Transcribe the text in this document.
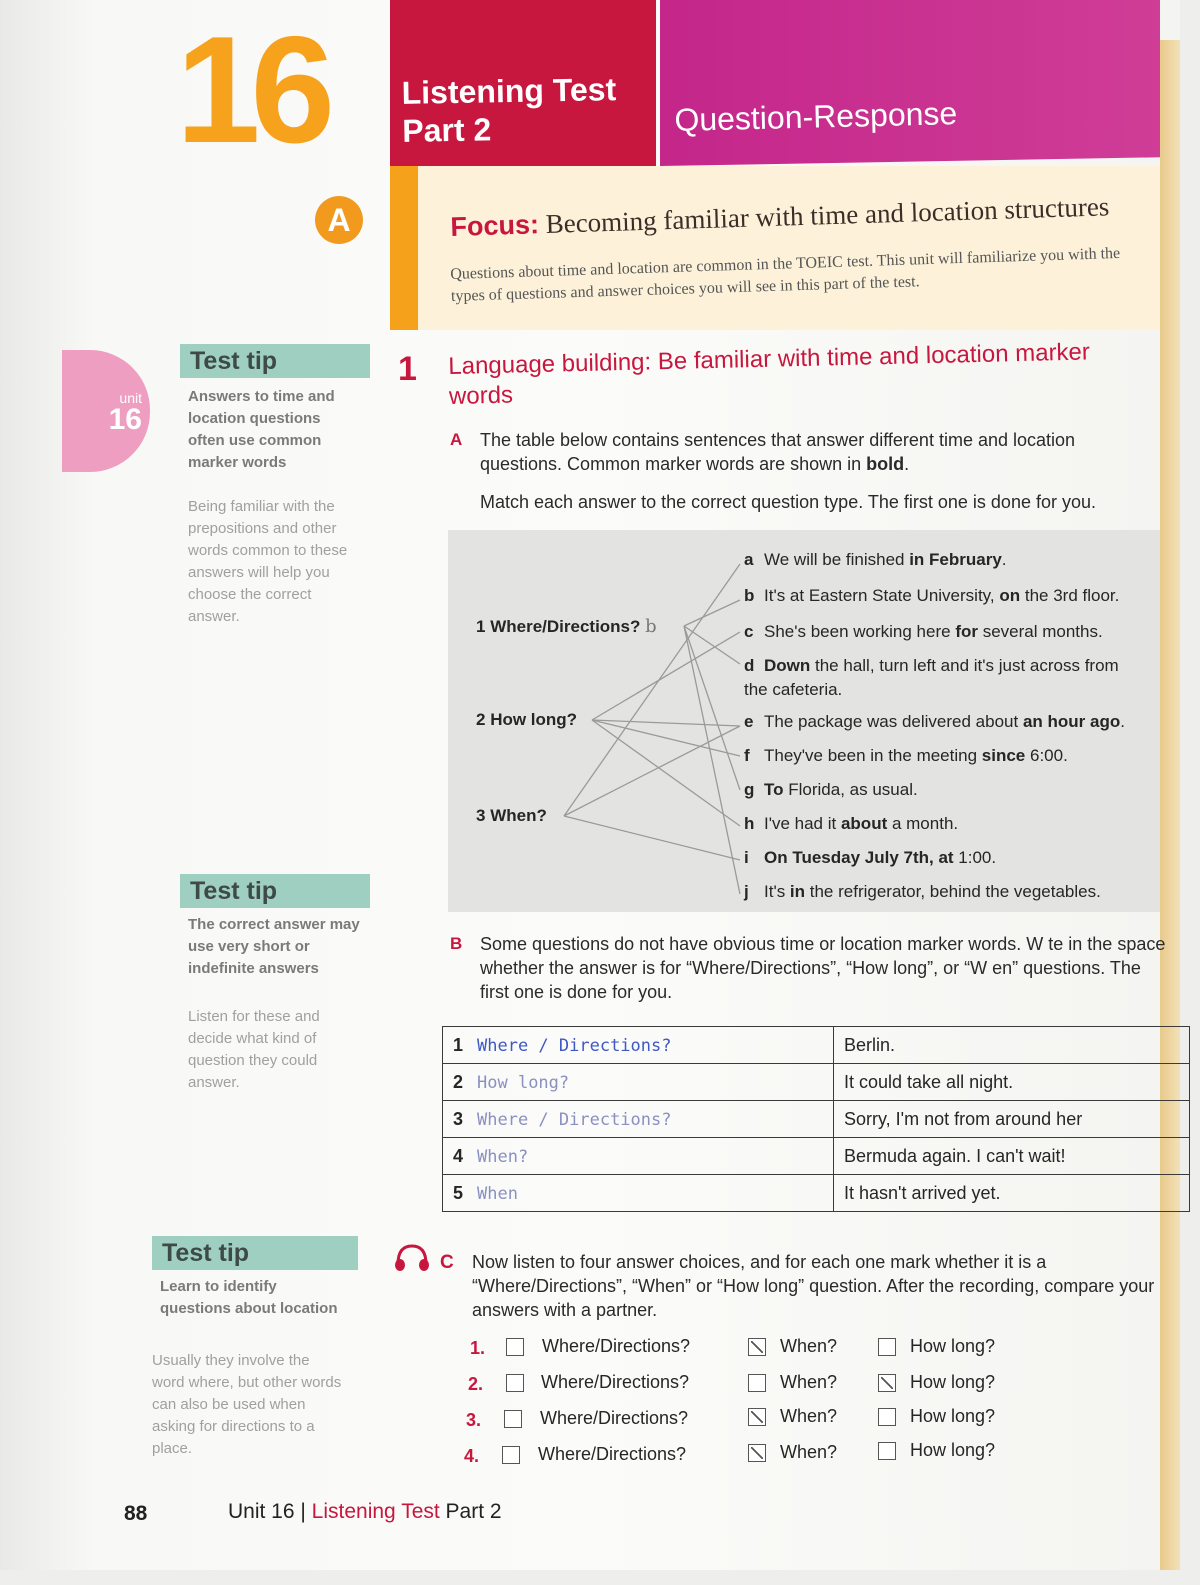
16 Listening Test
Part 2	Question-Response
A	Focus: Becoming familiar with time and location structures
Questions about time and location are common in the TOEIC test. This unit will familiarize you with the types of questions and answer choices you will see in this part of the test.
unit
16
Test tip
Answers to time and location questions often use common marker words
Being familiar with the prepositions and other words common to these answers will help you choose the correct answer.
Test tip
The correct answer may use very short or indefinite answers
Listen for these and decide what kind of question they could answer.
Test tip
Learn to identify questions about location
Usually they involve the word where, but other words can also be used when asking for directions to a place.
1 Language building: Be familiar with time and location marker words
A The table below contains sentences that answer different time and location questions. Common marker words are shown in bold.
Match each answer to the correct question type. The first one is done for you.
1 Where/Directions? b
2 How long?
3 When?
a We will be finished in February.
b It's at Eastern State University, on the 3rd floor.
c She's been working here for several months.
d Down the hall, turn left and it's just across from the cafeteria.
e The package was delivered about an hour ago.
f They've been in the meeting since 6:00.
g To Florida, as usual.
h I've had it about a month.
i On Tuesday July 7th, at 1:00.
j It's in the refrigerator, behind the vegetables.
B Some questions do not have obvious time or location marker words. W te in the space whether the answer is for “Where/Directions”, “How long”, or “W en” questions. The first one is done for you.
1 Where / Directions?	Berlin.
2 How long?	It could take all night.
3 Where / Directions?	Sorry, I'm not from around her
4 When?	Bermuda again. I can't wait!
5 When	It hasn't arrived yet.
C Now listen to four answer choices, and for each one mark whether it is a “Where/Directions”, “When” or “How long” question. After the recording, compare your answers with a partner.
1.	Where/Directions?	When?	How long?
2.	Where/Directions?	When?	How long?
3.	Where/Directions?	When?	How long?
4.	Where/Directions?	When?	How long?
88	Unit 16 | Listening Test Part 2
